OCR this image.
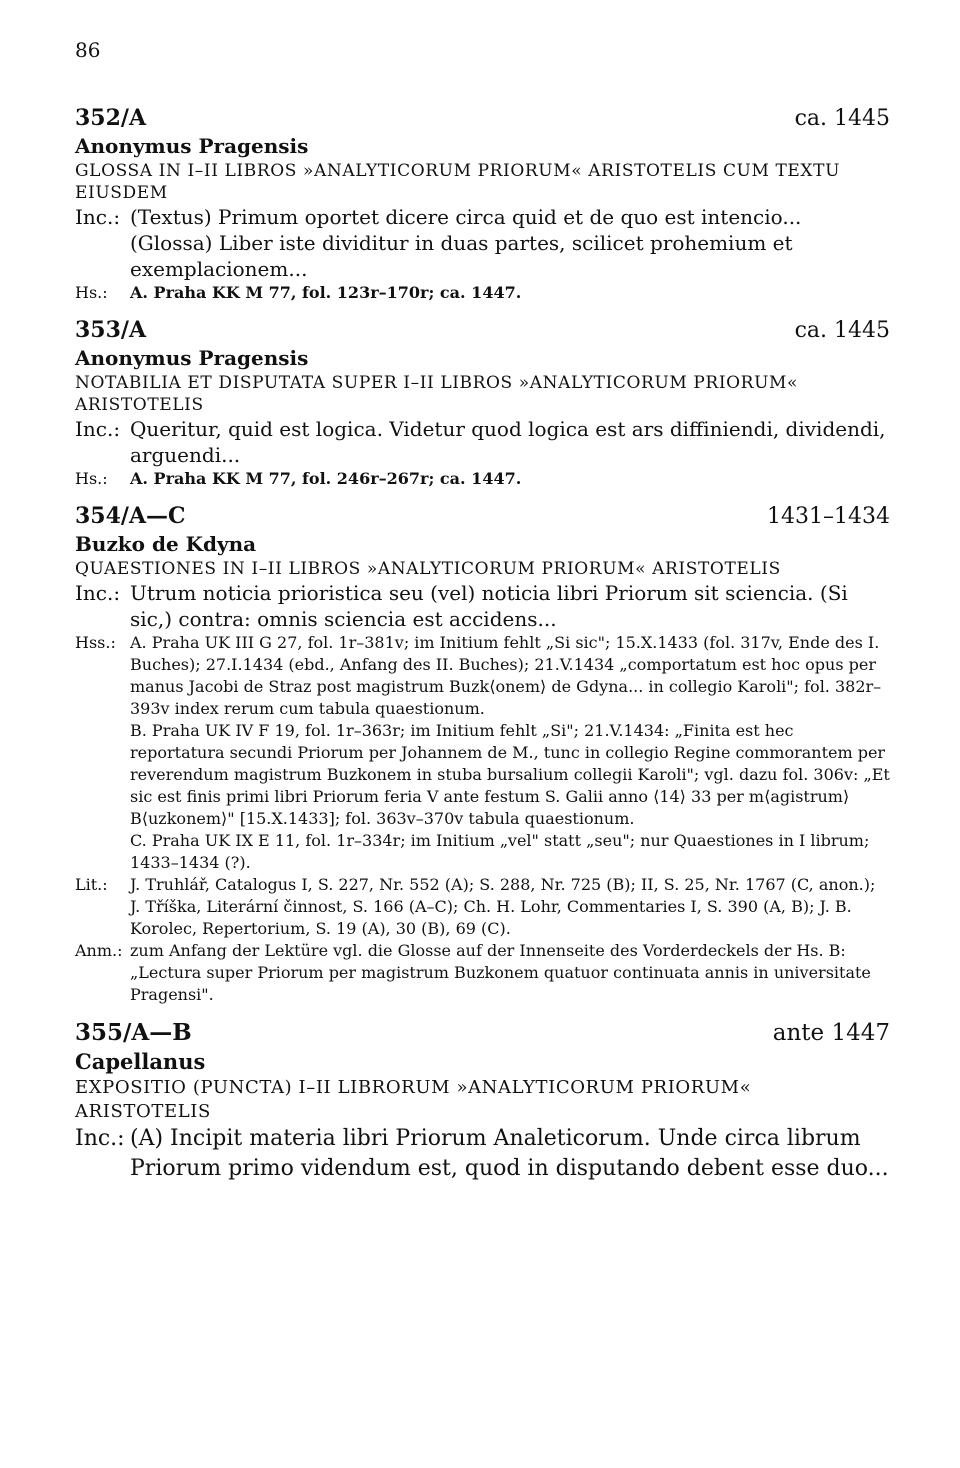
86
352/A	ca. 1445
Anonymus Pragensis
GLOSSA IN I–II LIBROS »ANALYTICORUM PRIORUM« ARISTOTELIS CUM TEXTU EIUSDEM
Inc.: (Textus) Primum oportet dicere circa quid et de quo est intencio...

(Glossa) Liber iste dividitur in duas partes, scilicet prohemium et exemplacionem...

Hs.:	A. Praha KK M 77, fol. 123r–170r; ca. 1447.
353/A	ca. 1445
Anonymus Pragensis
NOTABILIA ET DISPUTATA SUPER I–II LIBROS »ANALYTICORUM PRIORUM« ARISTOTELIS
Inc.: Queritur, quid est logica. Videtur quod logica est ars diffiniendi, dividendi, arguendi...

Hs.:	A. Praha KK M 77, fol. 246r–267r; ca. 1447.
354/A—C	1431–1434
Buzko de Kdyna
QUAESTIONES IN I–II LIBROS »ANALYTICORUM PRIORUM« ARISTOTELIS
Inc.: Utrum noticia prioristica seu (vel) noticia libri Priorum sit sciencia. (Si sic,) contra: omnis sciencia est accidens...

Hss.: A. Praha UK III G 27, fol. 1r–381v; im Initium fehlt „Si sic"; 15.X.1433 (fol. 317v, Ende des I. Buches); 27.I.1434 (ebd., Anfang des II. Buches); 21.V.1434 „comportatum est hoc opus per manus Jacobi de Straz post magistrum Buzk⟨onem⟩ de Gdyna... in collegio Karoli"; fol. 382r–393v index rerum cum tabula quaestionum.

B. Praha UK IV F 19, fol. 1r–363r; im Initium fehlt „Si"; 21.V.1434: „Finita est hec reportatura secundi Priorum per Johannem de M., tunc in collegio Regine commorantem per reverendum magistrum Buzkonem in stuba bursalium collegii Karoli"; vgl. dazu fol. 306v: „Et sic est finis primi libri Priorum feria V ante festum S. Galii anno ⟨14⟩ 33 per m⟨agistrum⟩ B⟨uzkonem⟩" [15.X.1433]; fol. 363v–370v tabula quaestionum.

C. Praha UK IX E 11, fol. 1r–334r; im Initium „vel" statt „seu"; nur Quaestiones in I librum; 1433–1434 (?).

Lit.:	J. Truhlář, Catalogus I, S. 227, Nr. 552 (A); S. 288, Nr. 725 (B); II, S. 25, Nr. 1767 (C, anon.); J. Tříška, Literární činnost, S. 166 (A–C); Ch. H. Lohr, Commentaries I, S. 390 (A, B); J. B. Korolec, Repertorium, S. 19 (A), 30 (B), 69 (C).

Anm.: zum Anfang der Lektüre vgl. die Glosse auf der Innenseite des Vorderdeckels der Hs. B: „Lectura super Priorum per magistrum Buzkonem quatuor continuata annis in universitate Pragensi".

355/A—B	ante 1447
Capellanus
EXPOSITIO (PUNCTA) I–II LIBRORUM »ANALYTICORUM PRIORUM« ARISTOTELIS
Inc.: (A) Incipit materia libri Priorum Analeticorum. Unde circa librum Priorum primo videndum est, quod in disputando debent esse duo...
